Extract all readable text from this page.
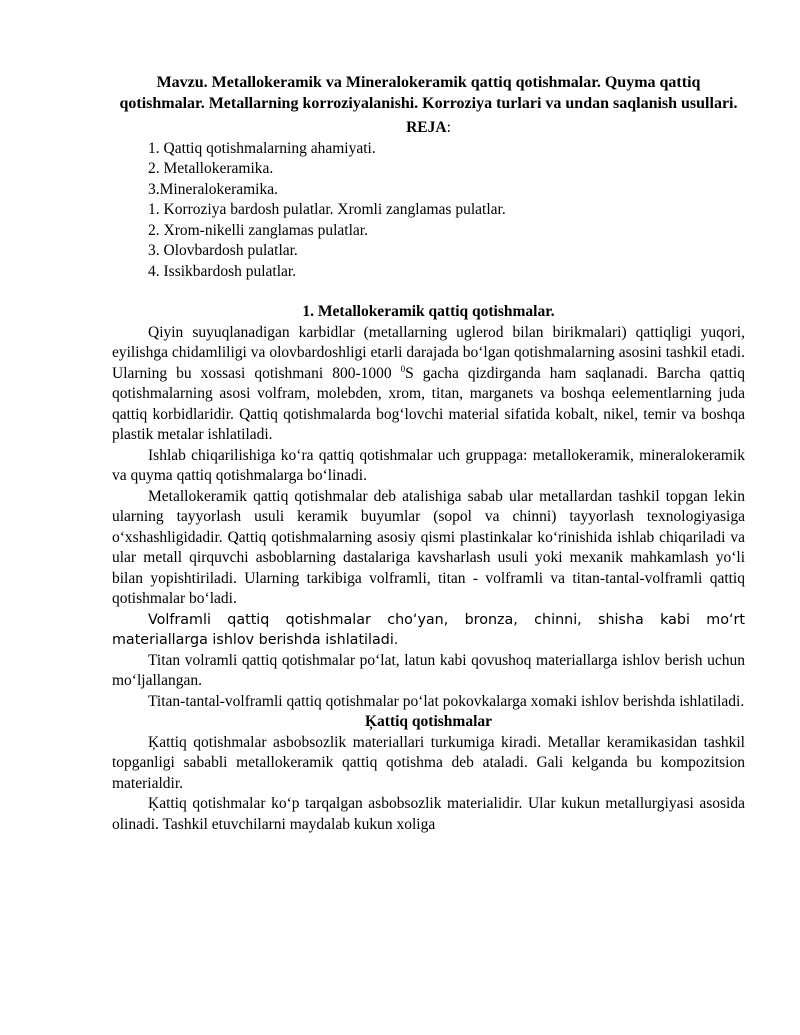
Mavzu. Metallokeramik va Mineralokeramik qattiq qotishmalar. Quyma qattiq qotishmalar. Metallarning korroziyalanishi. Korroziya turlari va undan saqlanish usullari.
REJA:
1. Qattiq qotishmalarning ahamiyati.
2. Metallokeramika.
3.Mineralokeramika.
1. Korroziya bardosh pulatlar. Xromli zanglamas pulatlar.
2. Xrom-nikelli zanglamas pulatlar.
3. Olovbardosh pulatlar.
4. Issikbardosh pulatlar.
1. Metallokeramik qattiq qotishmalar.

Qiyin suyuqlanadigan karbidlar (metallarning uglerod bilan birikmalari) qattiqligi yuqori, eyilishga chidamliligi va olovbardoshligi etarli darajada bo‘lgan qotishmalarning asosini tashkil etadi. Ularning bu xossasi qotishmani 800-1000 $^0$S gacha qizdirganda ham saqlanadi. Barcha qattiq qotishmalarning asosi volfram, molebden, xrom, titan, marganets va boshqa eelementlarning juda qattiq korbidlaridir. Qattiq qotishmalarda bog‘lovchi material sifatida kobalt, nikel, temir va boshqa plastik metalar ishlatiladi.

Ishlab chiqarilishiga ko‘ra qattiq qotishmalar uch gruppaga: metallokeramik, mineralokeramik va quyma qattiq qotishmalarga bo‘linadi.

Metallokeramik qattiq qotishmalar deb atalishiga sabab ular metallardan tashkil topgan lekin ularning tayyorlash usuli keramik buyumlar (sopol va chinni) tayyorlash texnologiyasiga o‘xshashligidadir. Qattiq qotishmalarning asosiy qismi plastinkalar ko‘rinishida ishlab chiqariladi va ular metall qirquvchi asboblarning dastalariga kavsharlash usuli yoki mexanik mahkamlash yo‘li bilan yopishtiriladi. Ularning tarkibiga volframli, titan - volframli va titan-tantal-volframli qattiq qotishmalar bo‘ladi.

Volframli qattiq qotishmalar cho‘yan, bronza, chinni, shisha kabi mo‘rt materiallarga ishlov berishda ishlatiladi.

Titan volramli qattiq qotishmalar po‘lat, latun kabi qovushoq materiallarga ishlov berish uchun mo‘ljallangan.

Titan-tantal-volframli qattiq qotishmalar po‘lat pokovkalarga xomaki ishlov berishda ishlatiladi.

Ķattiq qotishmalar

Ķattiq qotishmalar asbobsozlik materiallari turkumiga kiradi. Metallar keramikasidan tashkil topganligi sababli metallokeramik qattiq qotishma deb ataladi. Gali kelganda bu kompozitsion materialdir.

Ķattiq qotishmalar ko‘p tarqalgan asbobsozlik materialidir. Ular kukun metallurgiyasi asosida olinadi. Tashkil etuvchilarni maydalab kukun xoliga
